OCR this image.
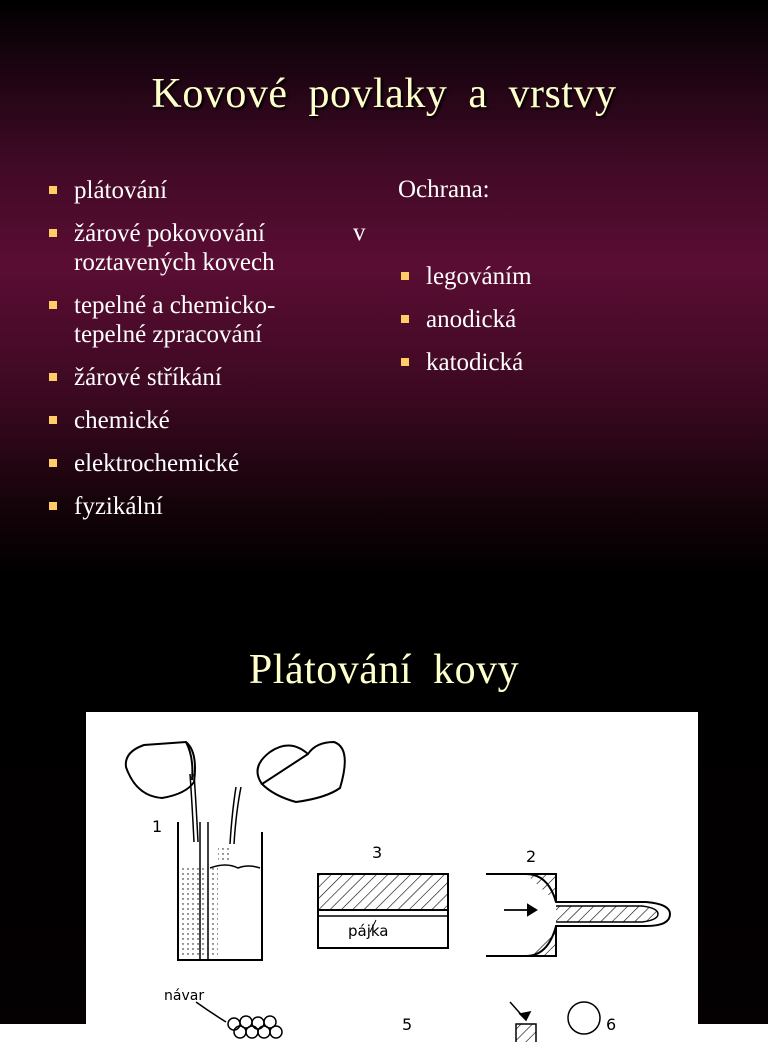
Kovové povlaky a vrstvy
plátování
žárové pokovování
roztavených kovech
tepelné a chemicko-tepelné zpracování
žárové stříkání
chemické
elektrochemické
fyzikální
v
Ochrana:
legováním
anodická
katodická
Plátování kovy
1
3
pájka
2
návar
5	6
